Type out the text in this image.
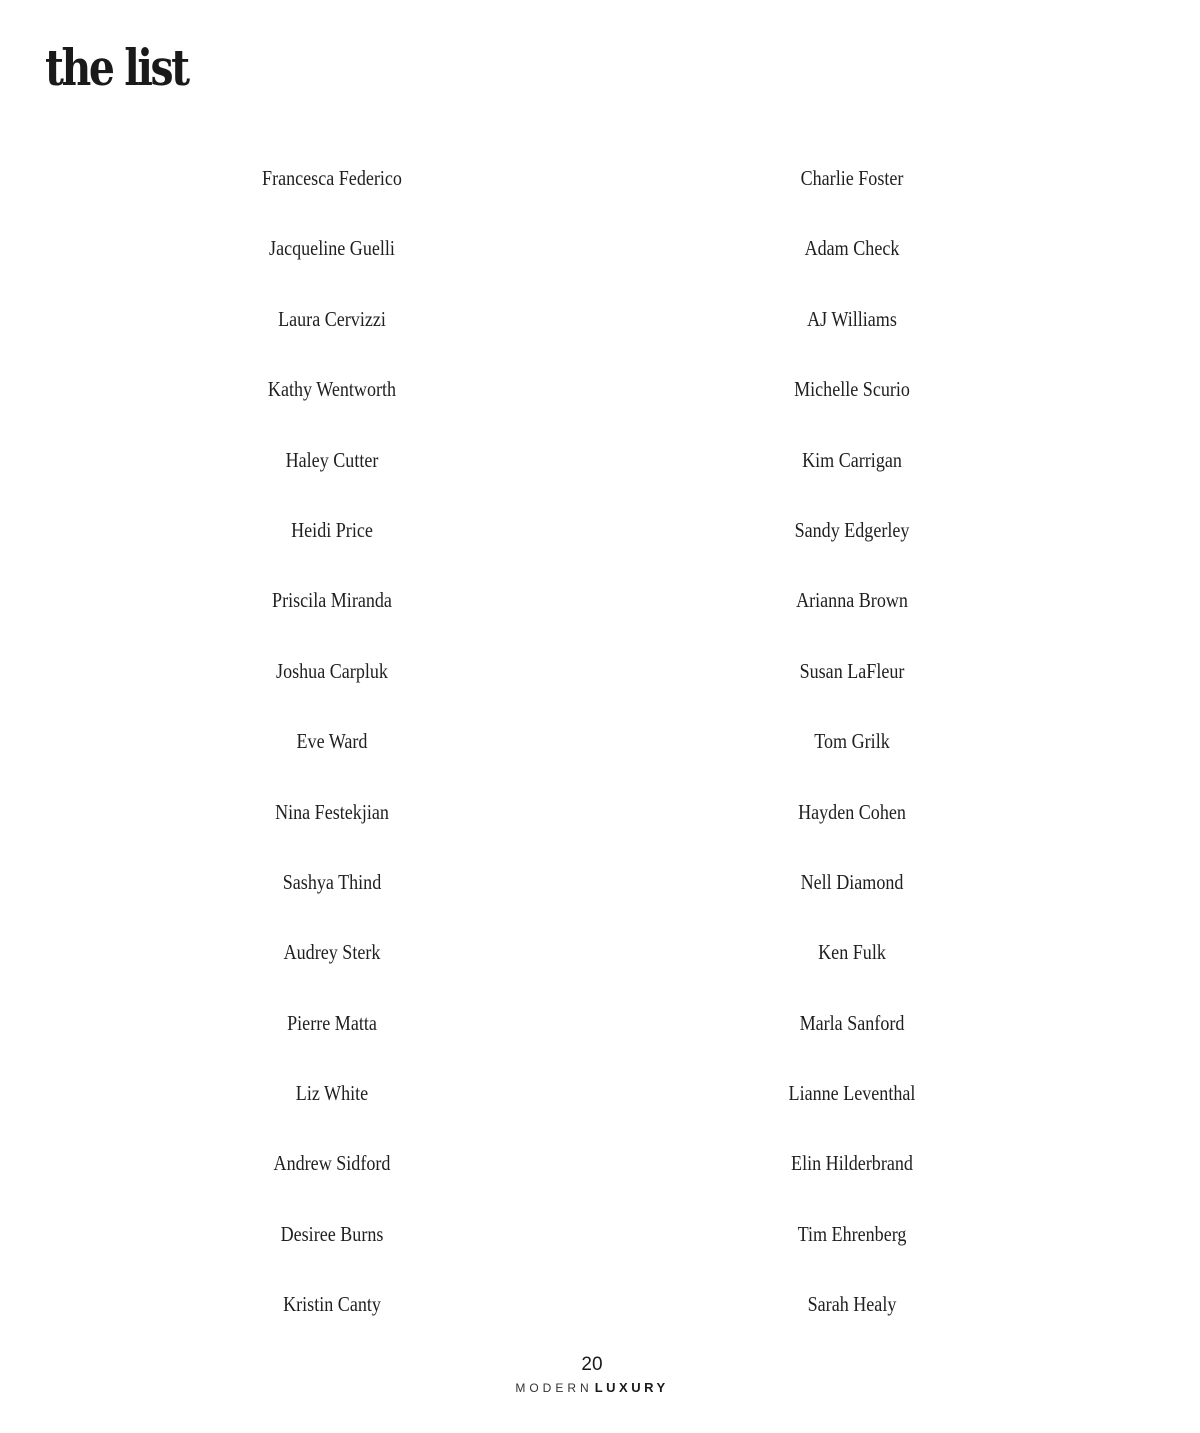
the list
Francesca Federico
Jacqueline Guelli
Laura Cervizzi
Kathy Wentworth
Haley Cutter
Heidi Price
Priscila Miranda
Joshua Carpluk
Eve Ward
Nina Festekjian
Sashya Thind
Audrey Sterk
Pierre Matta
Liz White
Andrew Sidford
Desiree Burns
Kristin Canty
Charlie Foster
Adam Check
AJ Williams
Michelle Scurio
Kim Carrigan
Sandy Edgerley
Arianna Brown
Susan LaFleur
Tom Grilk
Hayden Cohen
Nell Diamond
Ken Fulk
Marla Sanford
Lianne Leventhal
Elin Hilderbrand
Tim Ehrenberg
Sarah Healy
20
MODERN LUXURY
